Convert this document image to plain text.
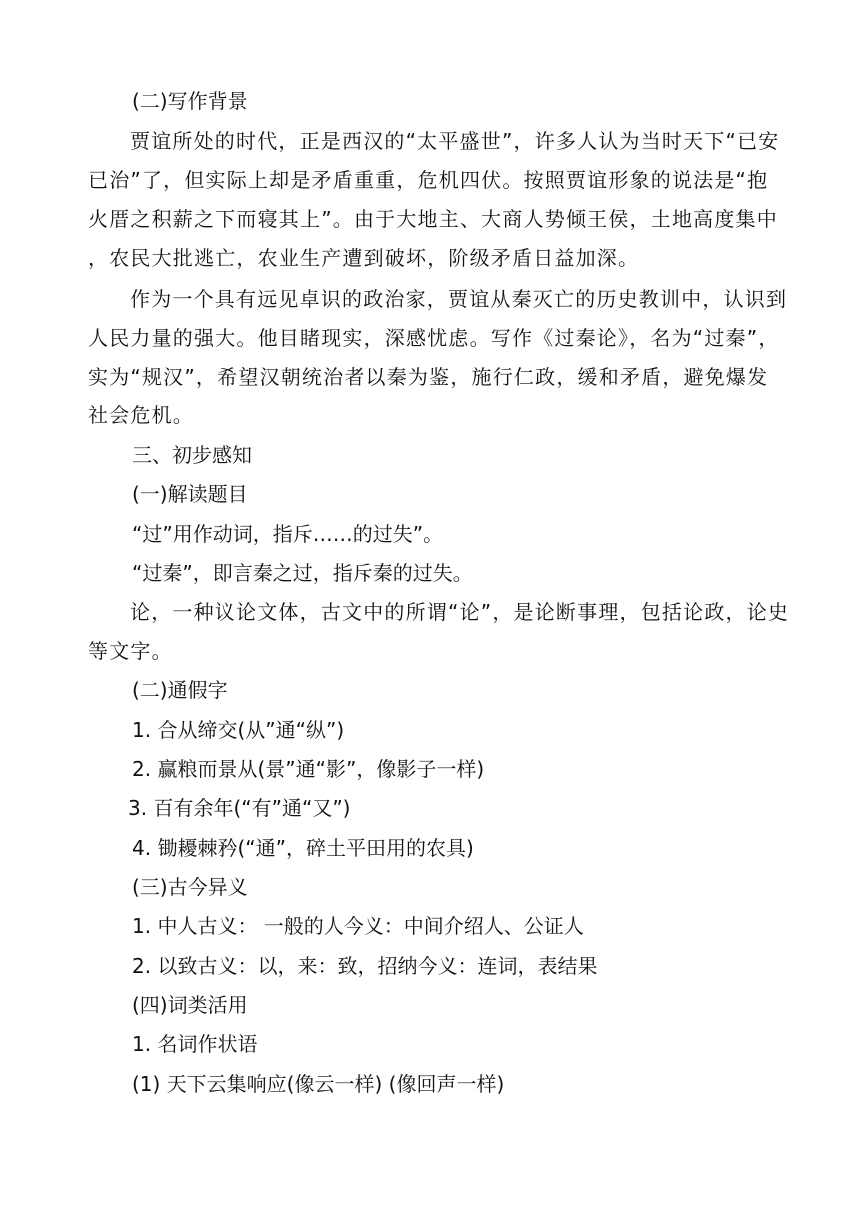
(二)写作背景
贾谊所处的时代，正是西汉的“太平盛世”，许多人认为当时天下“已安
已治”了，但实际上却是矛盾重重，危机四伏。按照贾谊形象的说法是“抱
火厝之积薪之下而寝其上”。由于大地主、大商人势倾王侯，土地高度集中
，农民大批逃亡，农业生产遭到破坏，阶级矛盾日益加深。
作为一个具有远见卓识的政治家，贾谊从秦灭亡的历史教训中，认识到
人民力量的强大。他目睹现实，深感忧虑。写作《过秦论》，名为“过秦”，
实为“规汉”，希望汉朝统治者以秦为鉴，施行仁政，缓和矛盾，避免爆发
社会危机。
三、初步感知
(一)解读题目
“过”用作动词，指斥……的过失”。
“过秦”，即言秦之过，指斥秦的过失。
论，一种议论文体，古文中的所谓“论”，是论断事理，包括论政，论史
等文字。
(二)通假字
1. 合从缔交(从”通“纵”)
2. 赢粮而景从(景”通“影”，像影子一样)
3. 百有余年(“有”通“又”)
4. 锄耰棘矜(“通”，碎土平田用的农具)
(三)古今异义
1. 中人古义： 一般的人今义：中间介绍人、公证人
2. 以致古义：以，来：致，招纳今义：连词，表结果
(四)词类活用
1. 名词作状语
(1) 天下云集响应(像云一样) (像回声一样)
